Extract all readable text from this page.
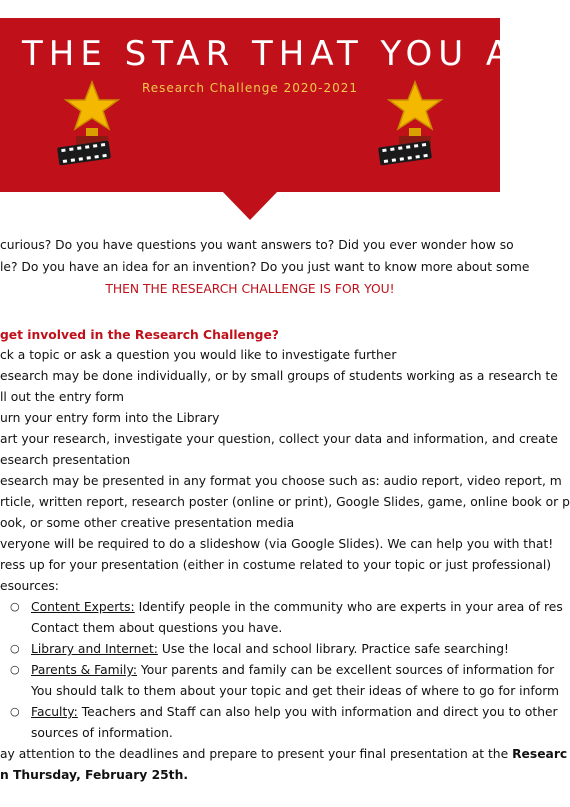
THE STAR THAT YOU A
Research Challenge 2020-2021
curious? Do you have questions you want answers to? Did you ever wonder how so
le? Do you have an idea for an invention? Do you just want to know more about some
THEN THE RESEARCH CHALLENGE IS FOR YOU!
get involved in the Research Challenge?
ck a topic or ask a question you would like to investigate further
esearch may be done individually, or by small groups of students working as a research te
ll out the entry form
urn your entry form into the Library
art your research, investigate your question, collect your data and information, and create
esearch presentation
esearch may be presented in any format you choose such as: audio report, video report, m
rticle, written report, research poster (online or print), Google Slides, game, online book or p
ook, or some other creative presentation media
veryone will be required to do a slideshow (via Google Slides). We can help you with that!
ress up for your presentation (either in costume related to your topic or just professional)
esources:
○ Content Experts: Identify people in the community who are experts in your area of res
Contact them about questions you have.
○ Library and Internet: Use the local and school library. Practice safe searching!
○ Parents & Family: Your parents and family can be excellent sources of information for
You should talk to them about your topic and get their ideas of where to go for inform
○ Faculty: Teachers and Staff can also help you with information and direct you to other
sources of information.
ay attention to the deadlines and prepare to present your final presentation at the Researc
n Thursday, February 25th.
